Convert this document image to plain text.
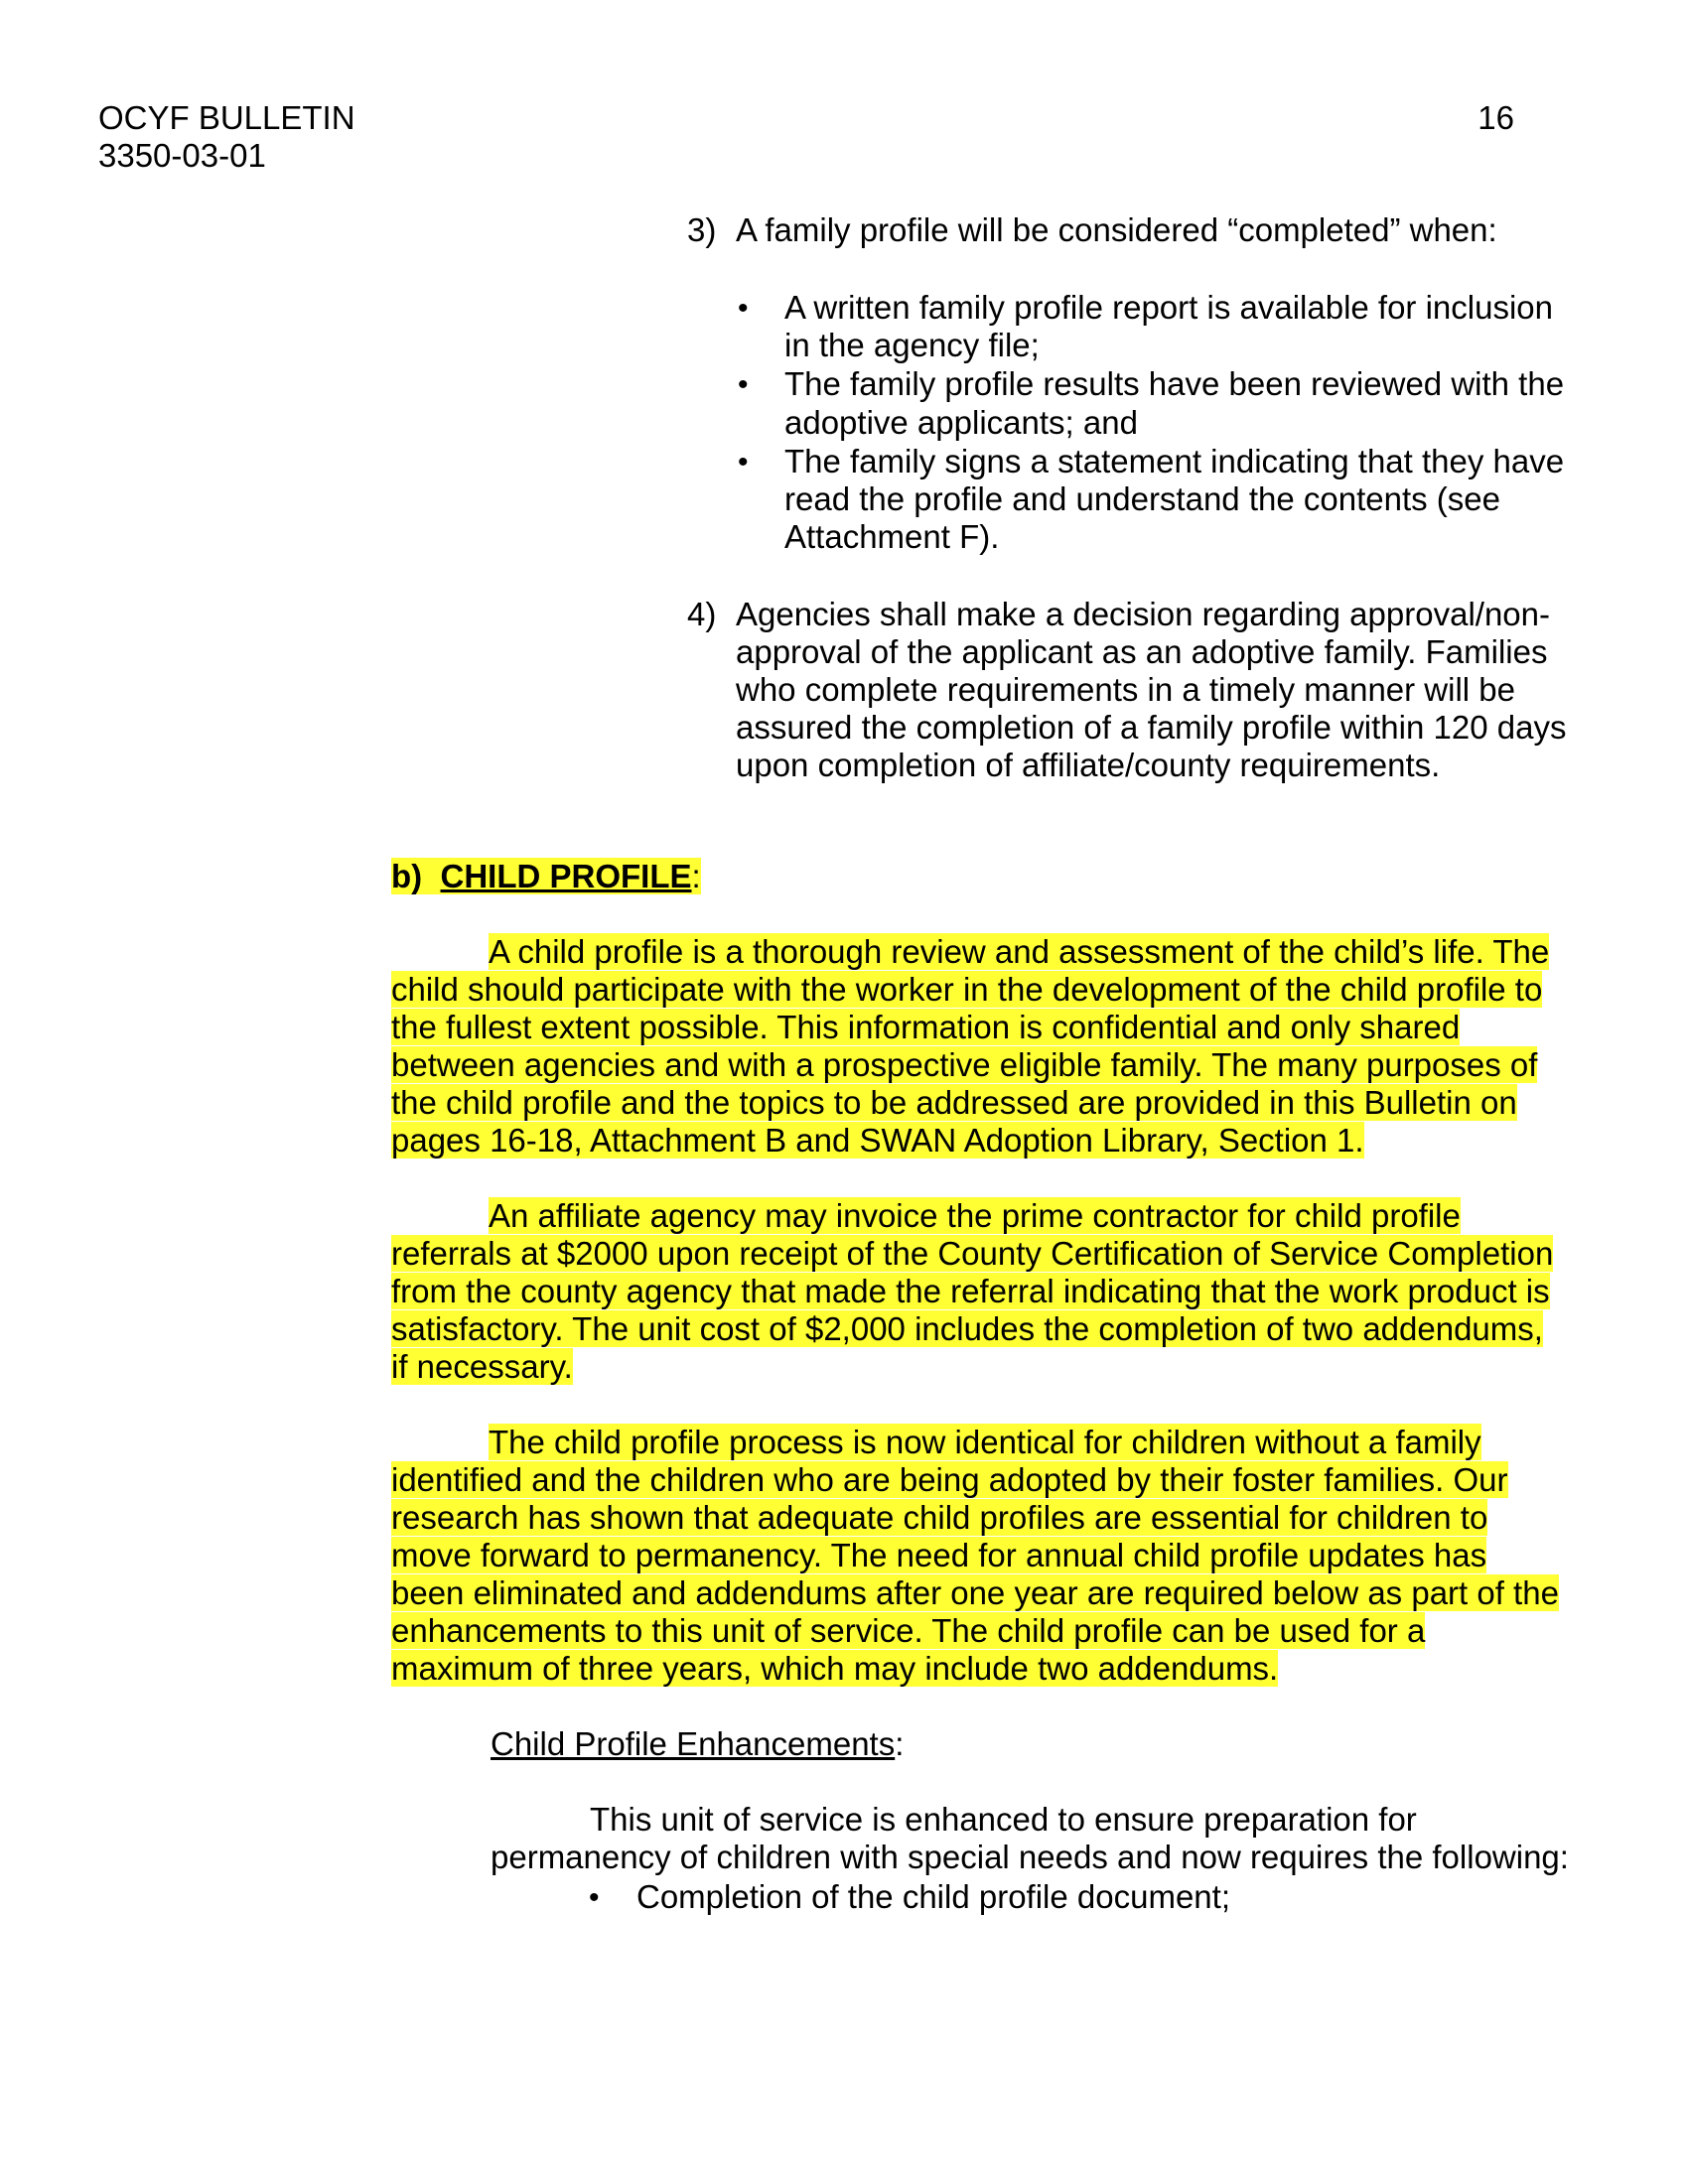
OCYF BULLETIN
3350-03-01
16
3) A family profile will be considered “completed” when:
• A written family profile report is available for inclusion
in the agency file;
• The family profile results have been reviewed with the
adoptive applicants; and
• The family signs a statement indicating that they have
read the profile and understand the contents (see
Attachment F).
4) Agencies shall make a decision regarding approval/non-
approval of the applicant as an adoptive family. Families
who complete requirements in a timely manner will be
assured the completion of a family profile within 120 days
upon completion of affiliate/county requirements.
b) CHILD PROFILE:
A child profile is a thorough review and assessment of the child’s life. The
child should participate with the worker in the development of the child profile to
the fullest extent possible. This information is confidential and only shared
between agencies and with a prospective eligible family. The many purposes of
the child profile and the topics to be addressed are provided in this Bulletin on
pages 16-18, Attachment B and SWAN Adoption Library, Section 1.
An affiliate agency may invoice the prime contractor for child profile
referrals at $2000 upon receipt of the County Certification of Service Completion
from the county agency that made the referral indicating that the work product is
satisfactory. The unit cost of $2,000 includes the completion of two addendums,
if necessary.
The child profile process is now identical for children without a family
identified and the children who are being adopted by their foster families. Our
research has shown that adequate child profiles are essential for children to
move forward to permanency. The need for annual child profile updates has
been eliminated and addendums after one year are required below as part of the
enhancements to this unit of service. The child profile can be used for a
maximum of three years, which may include two addendums.
Child Profile Enhancements:
This unit of service is enhanced to ensure preparation for
permanency of children with special needs and now requires the following:
• Completion of the child profile document;
